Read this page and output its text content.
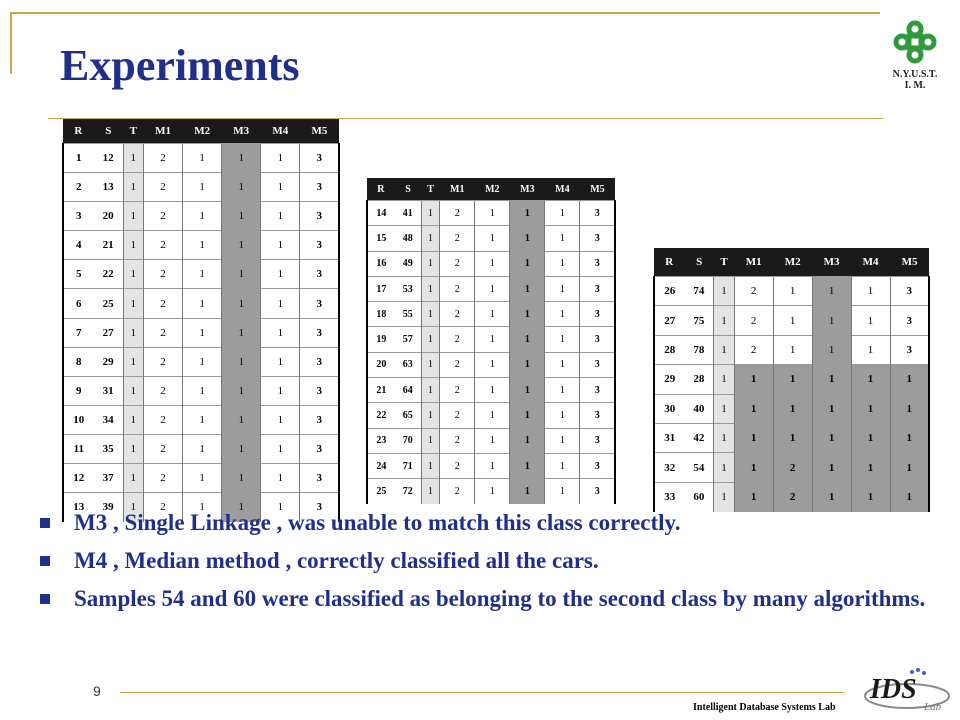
Experiments	N.Y.U.S.T.
I. M.
R	S	T	M1	M2	M3	M4	M5
1	12	1	2	1	1	1	3
2	13	1	2	1	1	1	3
3	20	1	2	1	1	1	3
4	21	1	2	1	1	1	3
5	22	1	2	1	1	1	3
6	25	1	2	1	1	1	3
7	27	1	2	1	1	1	3
8	29	1	2	1	1	1	3
9	31	1	2	1	1	1	3
10	34	1	2	1	1	1	3
11	35	1	2	1	1	1	3
12	37	1	2	1	1	1	3
13	39	1	2	1	1	1	3
R	S	T	M1	M2	M3	M4	M5
14	41	1	2	1	1	1	3
15	48	1	2	1	1	1	3
16	49	1	2	1	1	1	3
17	53	1	2	1	1	1	3
18	55	1	2	1	1	1	3
19	57	1	2	1	1	1	3
20	63	1	2	1	1	1	3
21	64	1	2	1	1	1	3
22	65	1	2	1	1	1	3
23	70	1	2	1	1	1	3
24	71	1	2	1	1	1	3
25	72	1	2	1	1	1	3
R	S	T	M1	M2	M3	M4	M5
26	74	1	2	1	1	1	3
27	75	1	2	1	1	1	3
28	78	1	2	1	1	1	3
29	28	1	1	1	1	1	1
30	40	1	1	1	1	1	1
31	42	1	1	1	1	1	1
32	54	1	1	2	1	1	1
33	60	1	1	2	1	1	1
M3 , Single Linkage , was unable to match this class correctly.
M4 , Median method , correctly classified all the cars.
Samples 54 and 60 were classified as belonging to the second class by many algorithms.
9
Intelligent Database Systems Lab
IDS
Lab
